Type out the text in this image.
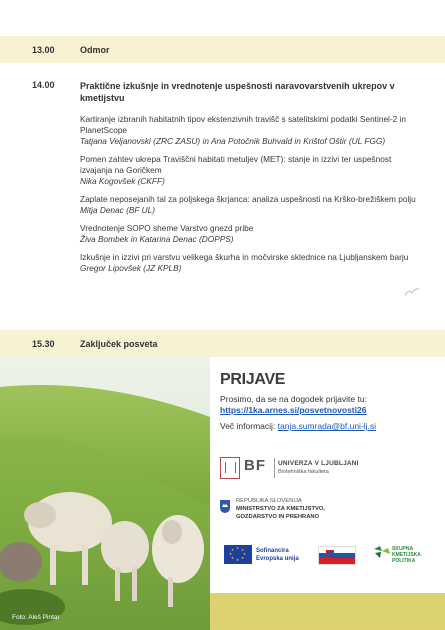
13.00	Odmor
14.00	Praktične izkušnje in vrednotenje uspešnosti naravovarstvenih ukrepov v kmetijstvu
Kartiranje izbranih habitatnih tipov ekstenzivnih travišč s satelitskimi podatki Sentinel-2 in PlanetScope
Tatjana Veljanovski (ZRC ZASU) in Ana Potočnik Buhvald in Krištof Oštir (UL FGG)
Pomen zahtev ukrepa Traviščni habitati metuljev (MET): stanje in izzivi ter uspešnost izvajanja na Goričkem
Nika Kogovšek (CKFF)
Zaplate neposejanih tal za poljskega škrjanca: analiza uspešnosti na Krško-brežiškem polju
Mitja Denac (BF UL)
Vrednotenje SOPO sheme Varstvo gnezd pribe
Živa Bombek in Katarina Denac (DOPPS)
Izkušnje in izzivi pri varstvu velikega škurha in močvirske sklednice na Ljubljanskem barju
Gregor Lipovšek (JZ KPLB)
15.30	Zaključek posveta
Foto: Aleš Pintar
PRIJAVE
Prosimo, da se na dogodek prijavite tu:
https://1ka.arnes.si/posvetnovosti26
Več informacij: tanja.sumrada@bf.uni-lj.si
BF UNIVERZA V LJUBLJANI
Biotehniška fakulteta
REPUBLIKA SLOVENIJA
MINISTRSTVO ZA KMETIJSTVO,
GOZDARSTVO IN PREHRANO
★ ★
★
★
★
★
★
★	Sofinancira
Evropska unija
SKUPNA
KMETIJSKA
POLITIKA
